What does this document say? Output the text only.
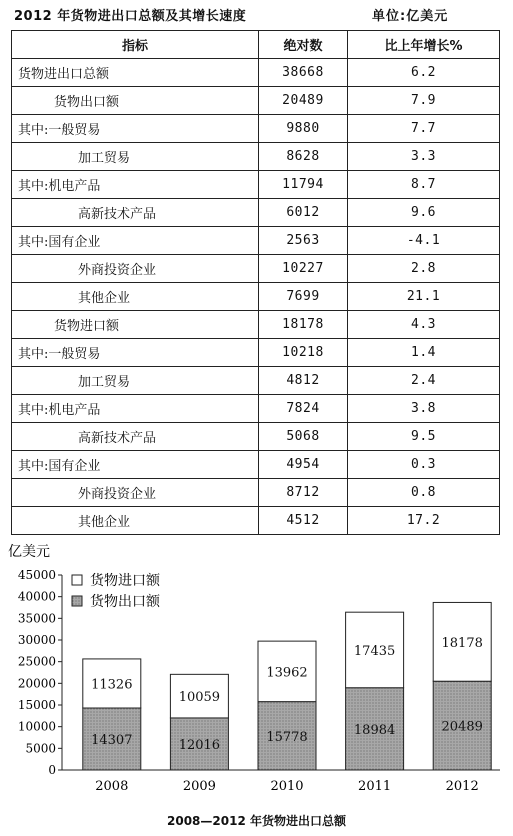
2012 年货物进出口总额及其增长速度	单位:亿美元
指标	绝对数	比上年增长%
货物进出口总额	38668	6.2
货物出口额	20489	7.9
其中:一般贸易	9880	7.7
加工贸易	8628	3.3
其中:机电产品	11794	8.7
高新技术产品	6012	9.6
其中:国有企业	2563	-4.1
外商投资企业	10227	2.8
其他企业	7699	21.1
货物进口额	18178	4.3
其中:一般贸易	10218	1.4
加工贸易	4812	2.4
其中:机电产品	7824	3.8
高新技术产品	5068	9.5
其中:国有企业	4954	0.3
外商投资企业	8712	0.8
其他企业	4512	17.2
亿美元
0
5000
10000
15000
20000
25000
30000
35000
40000
45000
14307
11326
2008
12016
10059
2009
15778
13962
2010
18984
17435
2011
20489
18178
2012
货物进口额
货物出口额
2008—2012 年货物进出口总额
